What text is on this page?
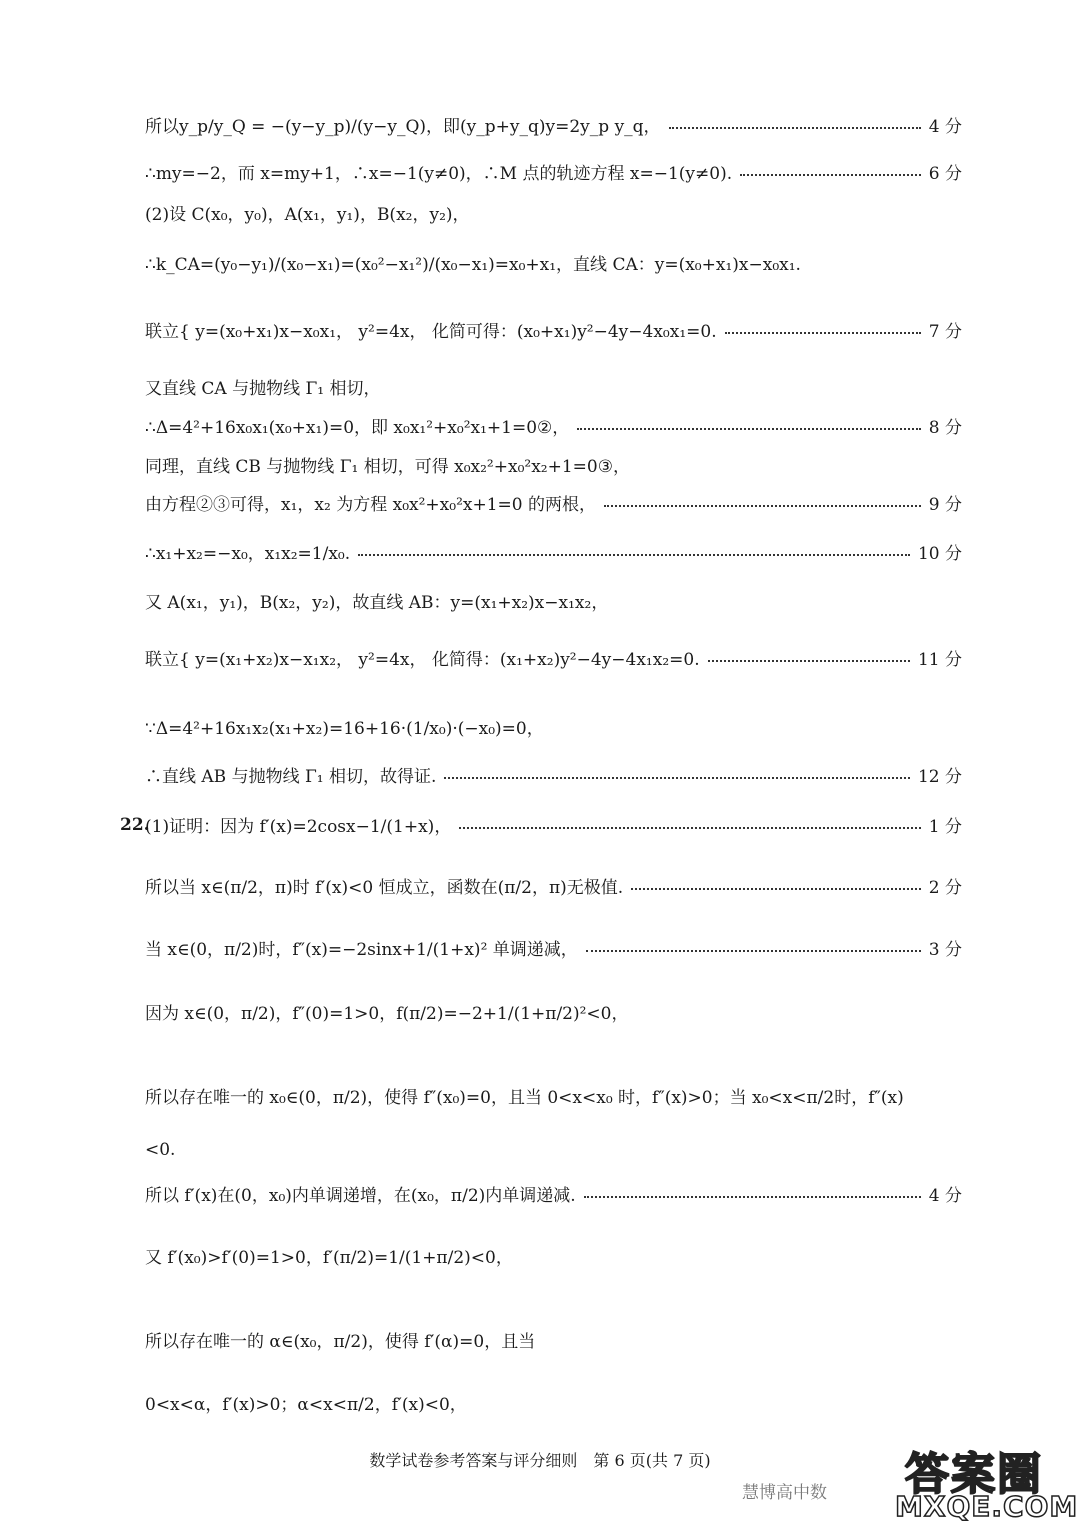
所以y_p/y_Q = −(y−y_p)/(y−y_Q)，即(y_p+y_q)y=2y_p y_q，	4 分
∴my=−2，而 x=my+1，∴x=−1(y≠0)，∴M 点的轨迹方程 x=−1(y≠0).	6 分
(2)设 C(x₀，y₀)，A(x₁，y₁)，B(x₂，y₂)，
∴k_CA=(y₀−y₁)/(x₀−x₁)=(x₀²−x₁²)/(x₀−x₁)=x₀+x₁，直线 CA：y=(x₀+x₁)x−x₀x₁.
联立{ y=(x₀+x₁)x−x₀x₁， y²=4x， 化简可得：(x₀+x₁)y²−4y−4x₀x₁=0.	7 分
又直线 CA 与抛物线 Γ₁ 相切，
∴Δ=4²+16x₀x₁(x₀+x₁)=0，即 x₀x₁²+x₀²x₁+1=0②，	8 分
同理，直线 CB 与抛物线 Γ₁ 相切，可得 x₀x₂²+x₀²x₂+1=0③，
由方程②③可得，x₁，x₂ 为方程 x₀x²+x₀²x+1=0 的两根，	9 分
∴x₁+x₂=−x₀，x₁x₂=1/x₀.	10 分
又 A(x₁，y₁)，B(x₂，y₂)，故直线 AB：y=(x₁+x₂)x−x₁x₂，
联立{ y=(x₁+x₂)x−x₁x₂， y²=4x， 化简得：(x₁+x₂)y²−4y−4x₁x₂=0.	11 分
∵Δ=4²+16x₁x₂(x₁+x₂)=16+16·(1/x₀)·(−x₀)=0，
∴直线 AB 与抛物线 Γ₁ 相切，故得证.	12 分
22.
(1)证明：因为 f′(x)=2cosx−1/(1+x)，	1 分
所以当 x∈(π/2，π)时 f′(x)<0 恒成立，函数在(π/2，π)无极值.	2 分
当 x∈(0，π/2)时，f″(x)=−2sinx+1/(1+x)² 单调递减，	3 分
因为 x∈(0，π/2)，f″(0)=1>0，f(π/2)=−2+1/(1+π/2)²<0，
所以存在唯一的 x₀∈(0，π/2)，使得 f″(x₀)=0，且当 0<x<x₀ 时，f″(x)>0；当 x₀<x<π/2时，f″(x)
<0.
所以 f′(x)在(0，x₀)内单调递增，在(x₀，π/2)内单调递减.	4 分
又 f′(x₀)>f′(0)=1>0，f′(π/2)=1/(1+π/2)<0，
所以存在唯一的 α∈(x₀，π/2)，使得 f′(α)=0，且当
0<x<α，f′(x)>0；α<x<π/2，f′(x)<0，
数学试卷参考答案与评分细则　第 6 页(共 7 页)
慧博高中数 答案圈
MXQE.COM
